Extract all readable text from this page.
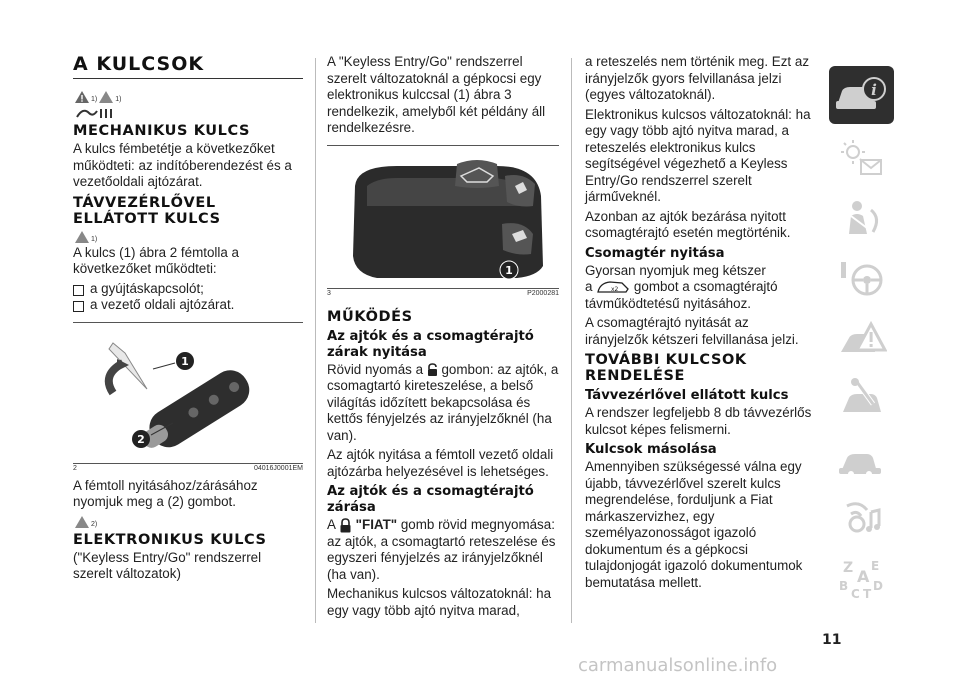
A KULCSOK
1)	1)
MECHANIKUS KULCS

A kulcs fémbetétje a következőket működteti: az indítóberendezést és a vezetőoldali ajtózárat.

TÁVVEZÉRLŐVEL ELLÁTOTT KULCS
1)

A kulcs (1) ábra 2 fémtolla a következőket működteti:

a gyújtáskapcsolót;
a vezető oldali ajtózárat.
1
2
2	04016J0001EM

A fémtoll nyitásához/zárásához nyomjuk meg a (2) gombot.

2)
ELEKTRONIKUS KULCS

("Keyless Entry/Go" rendszerrel szerelt változatok)

A "Keyless Entry/Go" rendszerrel szerelt változatoknál a gépkocsi egy elektronikus kulccsal (1) ábra 3 rendelkezik, amelyből két példány áll rendelkezésre.

1
3	P2000281
MŰKÖDÉS
Az ajtók és a csomagtérajtó zárak nyitása

Rövid nyomás a gombon: az ajtók, a csomagtartó kireteszelése, a belső világítás időzített bekapcsolása és kettős fényjelzés az irányjelzőknél (ha van).

Az ajtók nyitása a fémtoll vezető oldali ajtózárba helyezésével is lehetséges.

Az ajtók és a csomagtérajtó zárása

A "FIAT" gomb rövid megnyomása: az ajtók, a csomagtartó reteszelése és egyszeri fényjelzés az irányjelzőknél (ha van).

Mechanikus kulcsos változatoknál: ha egy vagy több ajtó nyitva marad,

a reteszelés nem történik meg. Ezt az irányjelzők gyors felvillanása jelzi (egyes változatoknál).

Elektronikus kulcsos változatoknál: ha egy vagy több ajtó nyitva marad, a reteszelés elektronikus kulcs segítségével végezhető a Keyless Entry/Go rendszerrel szerelt járműveknél.

Azonban az ajtók bezárása nyitott csomagtérajtó esetén megtörténik.

Csomagtér nyitása

Gyorsan nyomjuk meg kétszer
a	x2 gombot a csomagtérajtó távműködtetésű nyitásához.

A csomagtérajtó nyitását az irányjelzők kétszeri felvillanása jelzi.

TOVÁBBI KULCSOK RENDELÉSE
Távvezérlővel ellátott kulcs

A rendszer legfeljebb 8 db távvezérlős kulcsot képes felismerni.

Kulcsok másolása

Amennyiben szükségessé válna egy újabb, távvezérlővel szerelt kulcs megrendelése, forduljunk a Fiat márkaszervizhez, egy személyazonosságot igazoló dokumentum és a gépkocsi tulajdonjogát igazoló dokumentumok bemutatása mellett.

i
Z E
A
B D
C T
11
carmanualsonline.info
